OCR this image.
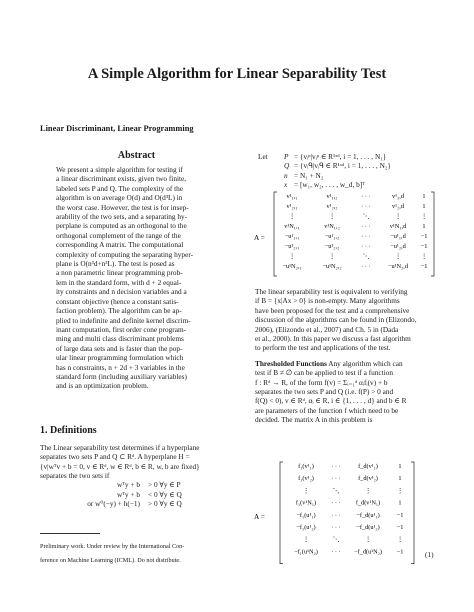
A Simple Algorithm for Linear Separability Test
Linear Discriminant, Linear Programming
Abstract

We present a simple algorithm for testing if

a linear discriminant exists, given two finite,

labeled sets P and Q. The complexity of the

algorithm is on average O(d) and O(d³L) in

the worst case. However, the test is for insep-

arability of the two sets, and a separating hy-

perplane is computed as an orthogonal to the

orthogonal complement of the range of the

corresponding A matrix. The computational

complexity of computing the separating hyper-

plane is O(n³d+n³L). The test is posed as

a non parametric linear programming prob-

lem in the standard form, with d + 2 equal-

ity constraints and n decision variables and a

constant objective (hence a constant satis-

faction problem). The algorithm can be ap-

plied to indefinite and definite kernel discrim-

inant computation, first order cone program-

ming and multi class discriminant problems

of large data sets and is faster than the pop-

ular linear programming formulation which

has n constraints, n + 2d + 3 variables in the

standard form (including auxiliary variables)

and is an optimization problem.

1. Definitions

The Linear separability test determines if a hyperplane

separates two sets P and Q ⊂ Rᵈ. A hyperplane H =

{v|wᵀv + b = 0, v ∈ Rᵈ, w ∈ Rᵈ, b ∈ R, w, b are fixed}

separates the two sets if

wᵀy + b > 0 ∀y ∈ P
wᵀy + b < 0 ∀y ∈ Q
or w⁰(−y) + h(−1) > 0 ∀y ∈ Q

Preliminary work. Under review by the International Con-

ference on Machine Learning (ICML). Do not distribute.

Let P = {vᵢᵖ|vᵢᵖ ∈ R¹ˣᵈ, i = 1, . . . , N₁}
Q = {vᵢᑫ|vᵢᑫ ∈ R¹ˣᵈ, i = 1, . . . , N₂}
n = N₁ + N₂
x = [w₁, w₂, . . . , w_d, b]ᵀ
A =
v¹₁,₁	v¹₁,₂	· · ·	v¹₁,d	1
v¹₂,₁	v¹₂,₂	· · ·	v¹₂,d	1
⋮	⋮	⋱	⋮	⋮
v¹N₁,₁	v¹N₁,₂	· · ·	v¹N₁,d	1
−u¹₁,₁	−u¹₁,₂	· · ·	−u¹₁,d −1
−u¹₂,₁	−u¹₂,₂	· · ·	−u¹₂,d −1
⋮	⋮	⋱	⋮	⋮
−u¹N₂,₁	−u¹N₂,₂	· · ·	−u¹N₂,d −1

The linear separability test is equivalent to verifying

if B = {x|Ax > 0} is non-empty. Many algorithms

have been proposed for the test and a comprehensive

discussion of the algorithms can be found in (Elizondo,

2006), (Elizondo et al., 2007) and Ch. 5 in (Dada

et al., 2000). In this paper we discuss a fast algorithm

to perform the test and applications of the test.

Thresholded Functions Any algorithm which can

test if B ≠ ∅ can be applied to test if a function

f : Rᵈ → R, of the form f(v) = Σᵢ₌₁ᵈ αᵢfᵢ(v) + b

separates the two sets P and Q (i.e. f(P) > 0 and

f(Q) < 0), v ∈ Rᵈ, αᵢ ∈ R, i ∈ {1, . . . , d} and b ∈ R

are parameters of the function f which need to be

decided. The matrix A in this problem is

A =
f₁(v¹₁)	· · ·	f_d(v¹₁)	1
f₁(v¹₂)	· · ·	f_d(v¹₂)	1
⋮	⋱	⋮	⋮
f₁(v¹N₁) · · · f_d(v¹N₁)	1
−f₁(u¹₁) · · · −f_d(u¹₁)	−1
−f₁(u¹₂) · · · −f_d(u¹₂)	−1
⋮	⋱	⋮	⋮
−f₁(u¹N₂) · · · −f_d(u¹N₂) −1	(1)
